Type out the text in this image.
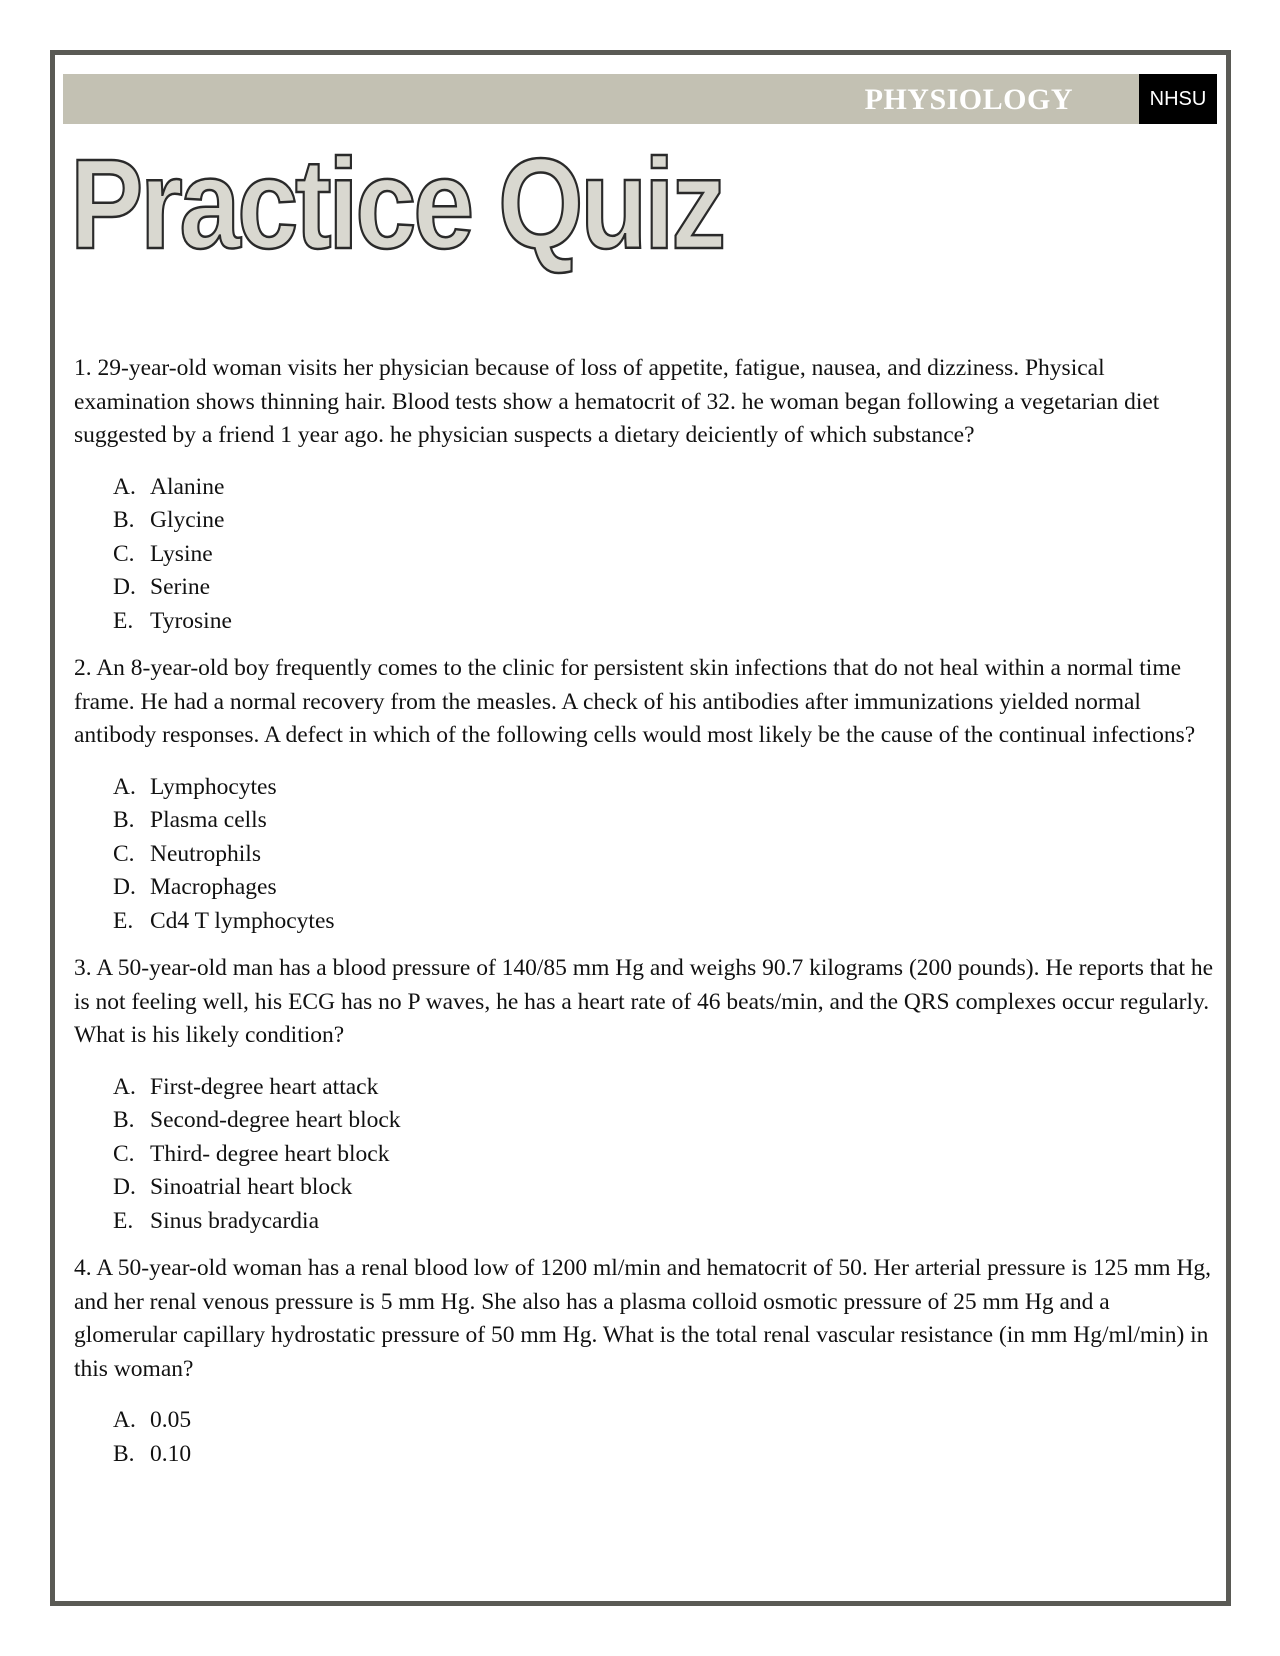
PHYSIOLOGY	NHSU
Practice Quiz

1. 29-year-old woman visits her physician because of loss of appetite, fatigue, nausea, and dizziness. Physical examination shows thinning hair. Blood tests show a hematocrit of 32. he woman began following a vegetarian diet suggested by a friend 1 year ago. he physician suspects a dietary deiciently of which substance?

A. Alanine
B. Glycine
C. Lysine
D. Serine
E. Tyrosine

2. An 8-year-old boy frequently comes to the clinic for persistent skin infections that do not heal within a normal time frame. He had a normal recovery from the measles. A check of his antibodies after immunizations yielded normal antibody responses. A defect in which of the following cells would most likely be the cause of the continual infections?

A. Lymphocytes
B. Plasma cells
C. Neutrophils
D. Macrophages
E. Cd4 T lymphocytes

3. A 50-year-old man has a blood pressure of 140/85 mm Hg and weighs 90.7 kilograms (200 pounds). He reports that he is not feeling well, his ECG has no P waves, he has a heart rate of 46 beats/min, and the QRS complexes occur regularly. What is his likely condition?

A. First-degree heart attack
B. Second-degree heart block
C. Third- degree heart block
D. Sinoatrial heart block
E. Sinus bradycardia

4. A 50-year-old woman has a renal blood low of 1200 ml/min and hematocrit of 50. Her arterial pressure is 125 mm Hg, and her renal venous pressure is 5 mm Hg. She also has a plasma colloid osmotic pressure of 25 mm Hg and a glomerular capillary hydrostatic pressure of 50 mm Hg. What is the total renal vascular resistance (in mm Hg/ml/min) in this woman?

A. 0.05
B. 0.10
